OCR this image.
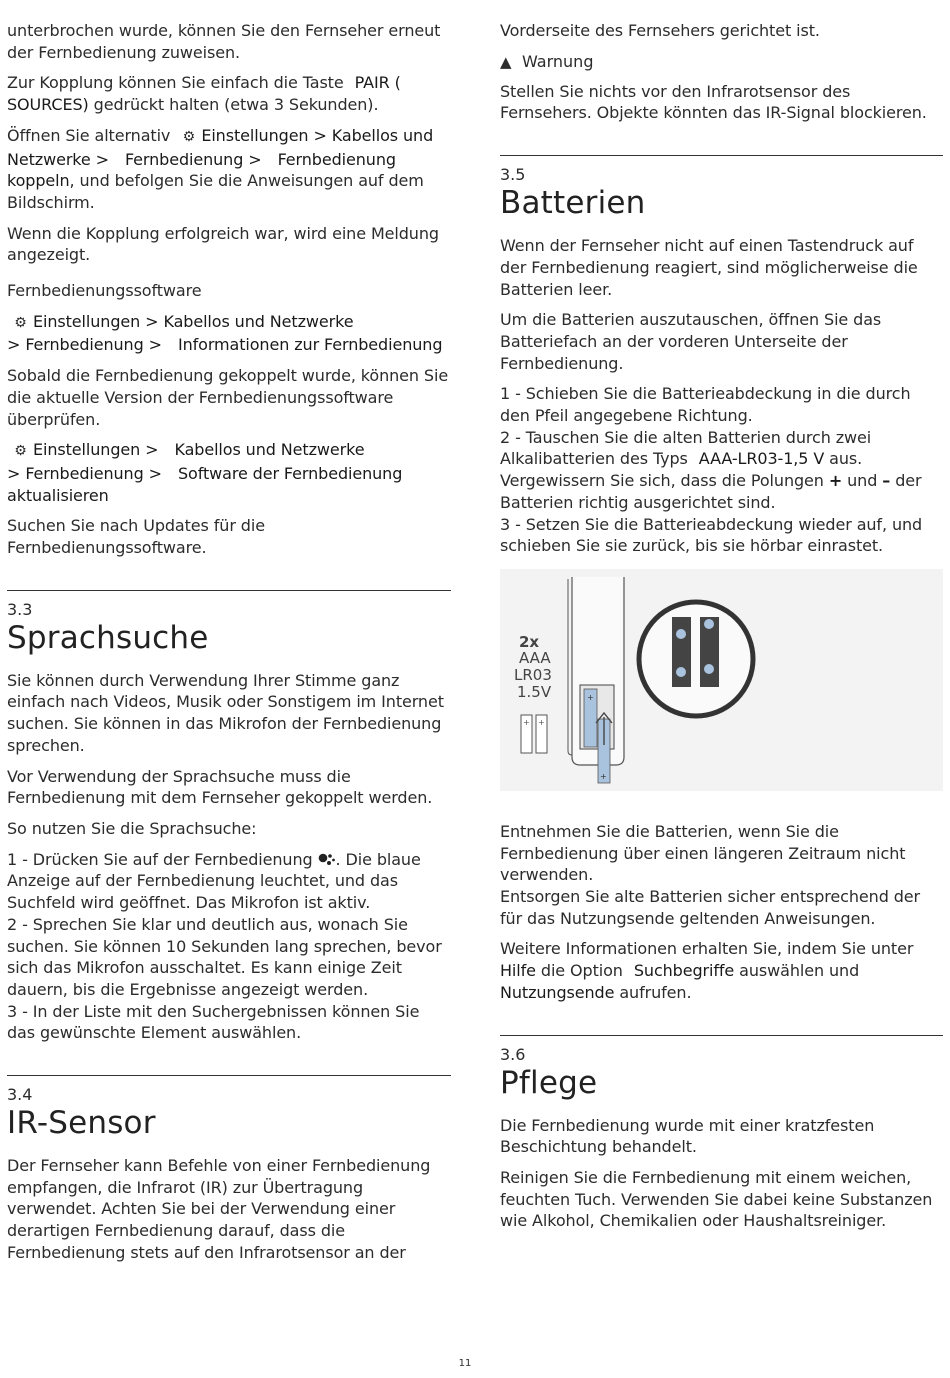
unterbrochen wurde, können Sie den Fernseher erneut der Fernbedienung zuweisen.

Zur Kopplung können Sie einfach die Taste PAIR ( SOURCES) gedrückt halten (etwa 3 Sekunden).

Öffnen Sie alternativ ⚙ Einstellungen > Kabellos und Netzwerke > Fernbedienung > Fernbedienung koppeln, und befolgen Sie die Anweisungen auf dem Bildschirm.

Wenn die Kopplung erfolgreich war, wird eine Meldung angezeigt.

Fernbedienungssoftware

⚙ Einstellungen > Kabellos und Netzwerke
> Fernbedienung > Informationen zur Fernbedienung

Sobald die Fernbedienung gekoppelt wurde, können Sie die aktuelle Version der Fernbedienungssoftware überprüfen.

⚙ Einstellungen > Kabellos und Netzwerke
> Fernbedienung > Software der Fernbedienung aktualisieren

Suchen Sie nach Updates für die Fernbedienungssoftware.

3.3
Sprachsuche

Sie können durch Verwendung Ihrer Stimme ganz einfach nach Videos, Musik oder Sonstigem im Internet suchen. Sie können in das Mikrofon der Fernbedienung sprechen.

Vor Verwendung der Sprachsuche muss die Fernbedienung mit dem Fernseher gekoppelt werden.

So nutzen Sie die Sprachsuche:

1 - Drücken Sie auf der Fernbedienung . Die blaue Anzeige auf der Fernbedienung leuchtet, und das Suchfeld wird geöffnet. Das Mikrofon ist aktiv.

2 - Sprechen Sie klar und deutlich aus, wonach Sie suchen. Sie können 10 Sekunden lang sprechen, bevor sich das Mikrofon ausschaltet. Es kann einige Zeit dauern, bis die Ergebnisse angezeigt werden.

3 - In der Liste mit den Suchergebnissen können Sie das gewünschte Element auswählen.

3.4
IR-Sensor

Der Fernseher kann Befehle von einer Fernbedienung empfangen, die Infrarot (IR) zur Übertragung verwendet. Achten Sie bei der Verwendung einer derartigen Fernbedienung darauf, dass die Fernbedienung stets auf den Infrarotsensor an der

Vorderseite des Fernsehers gerichtet ist.

▲ Warnung

Stellen Sie nichts vor den Infrarotsensor des Fernsehers. Objekte könnten das IR-Signal blockieren.

3.5
Batterien

Wenn der Fernseher nicht auf einen Tastendruck auf der Fernbedienung reagiert, sind möglicherweise die Batterien leer.

Um die Batterien auszutauschen, öffnen Sie das Batteriefach an der vorderen Unterseite der Fernbedienung.

1 - Schieben Sie die Batterieabdeckung in die durch den Pfeil angegebene Richtung.

2 - Tauschen Sie die alten Batterien durch zwei Alkalibatterien des Typs AAA-LR03-1,5 V aus. Vergewissern Sie sich, dass die Polungen + und – der Batterien richtig ausgerichtet sind.

3 - Setzen Sie die Batterieabdeckung wieder auf, und schieben Sie sie zurück, bis sie hörbar einrastet.

+
+
2x
AAA
LR03
1.5V
+ +

Entnehmen Sie die Batterien, wenn Sie die Fernbedienung über einen längeren Zeitraum nicht verwenden.

Entsorgen Sie alte Batterien sicher entsprechend der für das Nutzungsende geltenden Anweisungen.

Weitere Informationen erhalten Sie, indem Sie unter Hilfe die Option Suchbegriffe auswählen und Nutzungsende aufrufen.

3.6
Pflege

Die Fernbedienung wurde mit einer kratzfesten Beschichtung behandelt.

Reinigen Sie die Fernbedienung mit einem weichen, feuchten Tuch. Verwenden Sie dabei keine Substanzen wie Alkohol, Chemikalien oder Haushaltsreiniger.

11
